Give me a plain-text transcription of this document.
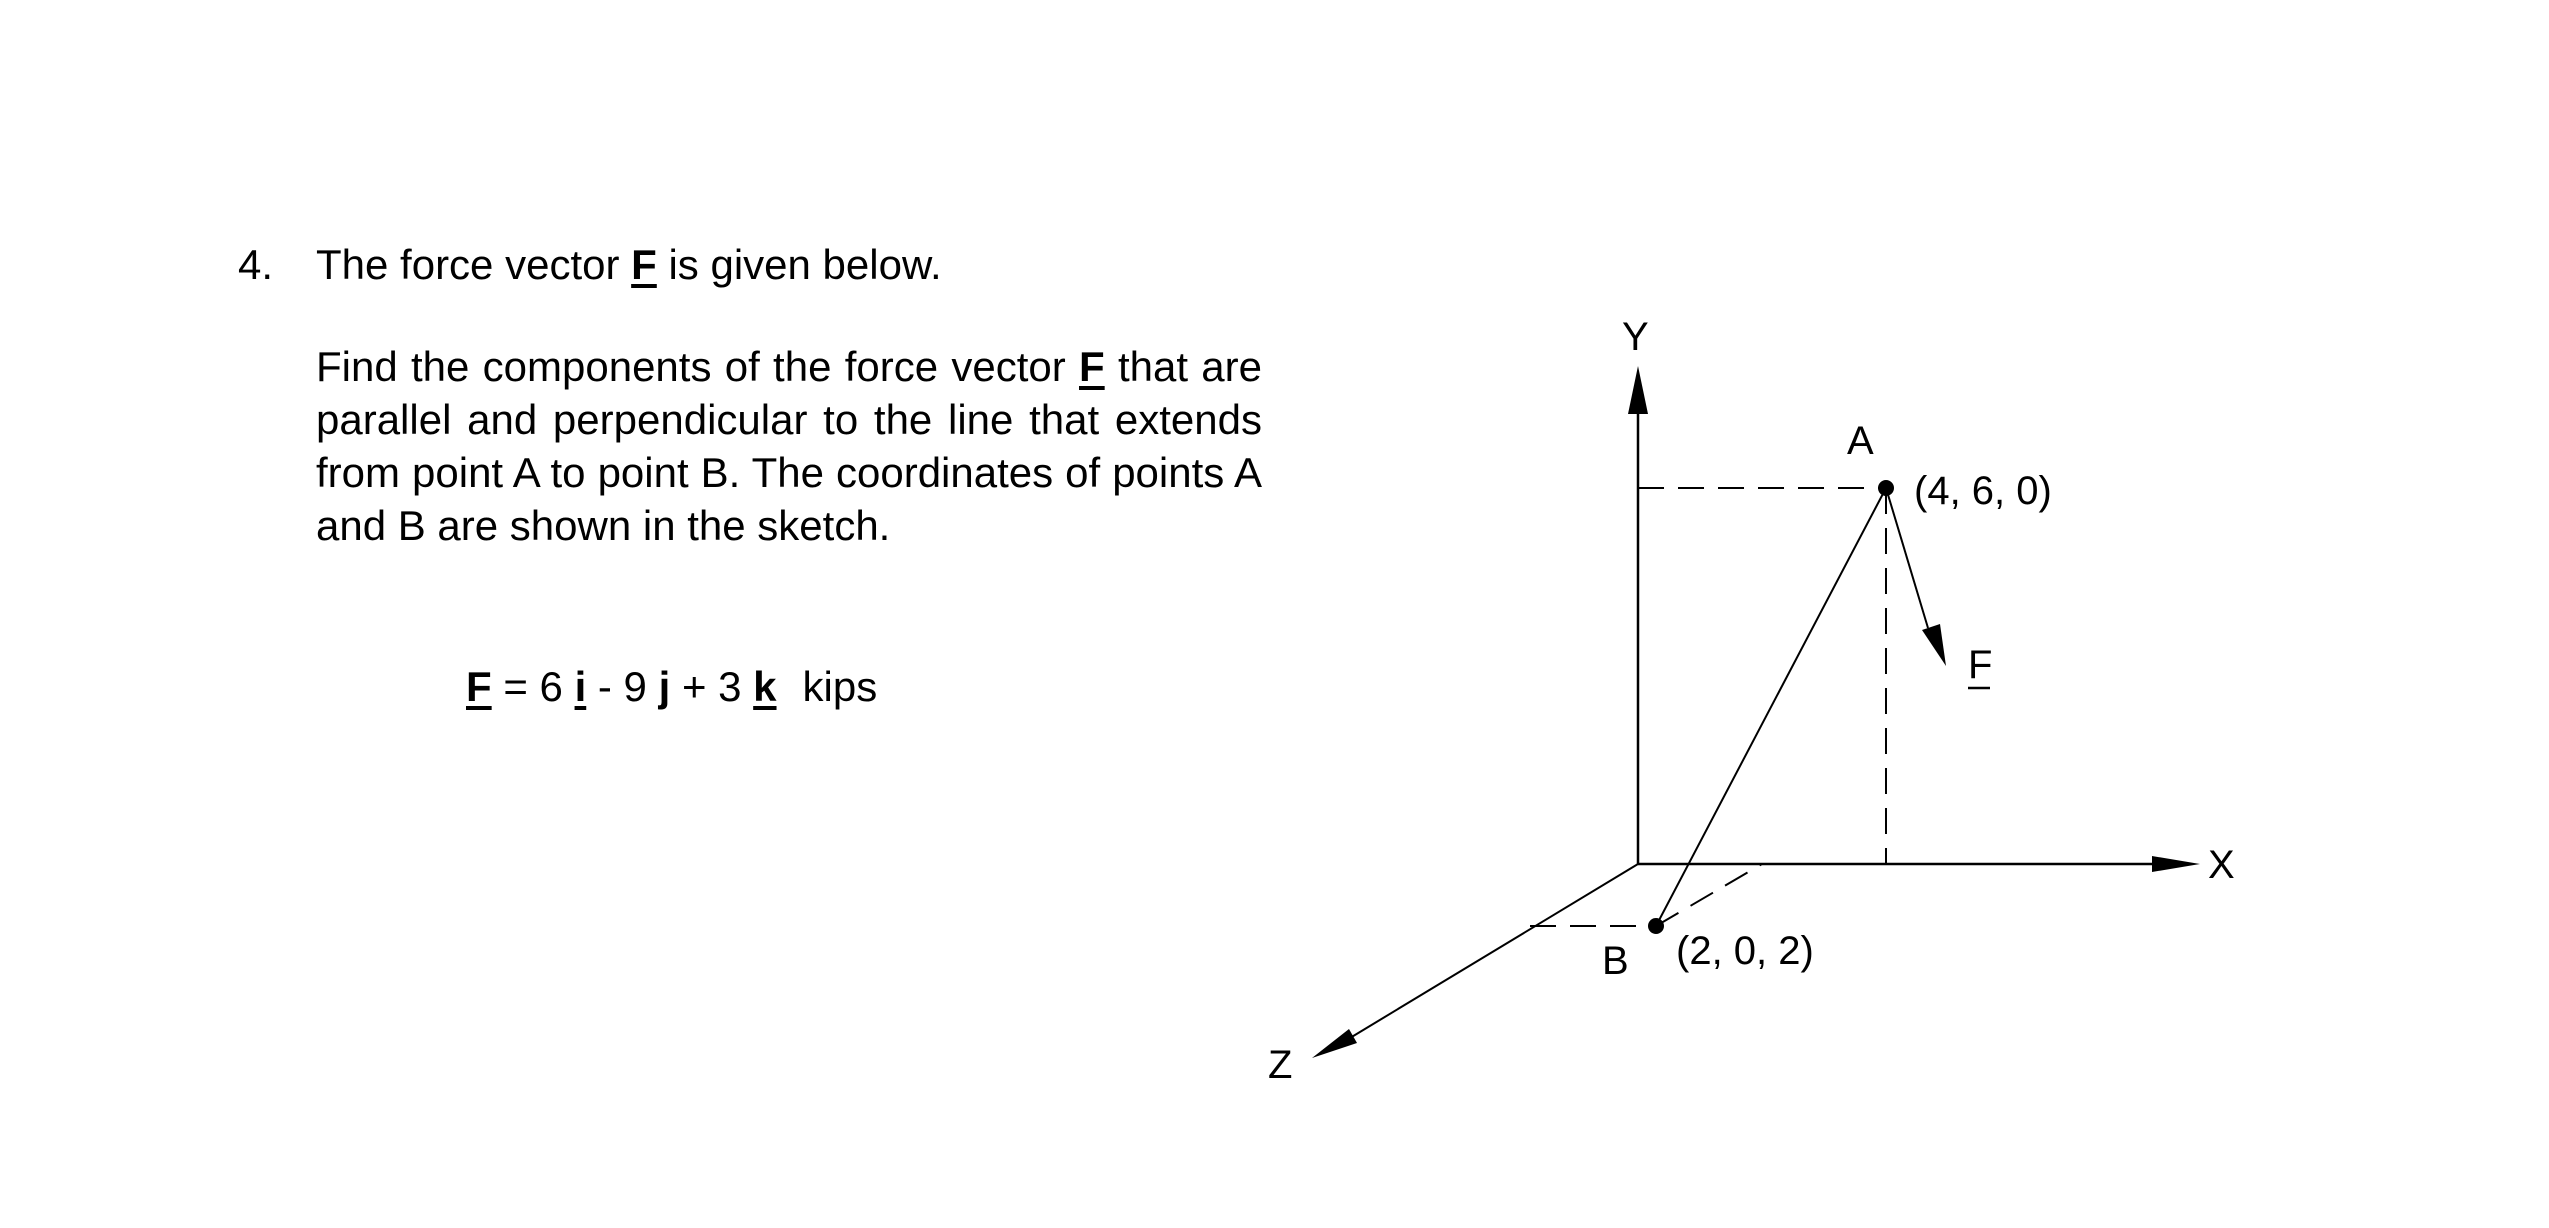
4. The force vector F is given below.
Find the components of the force vector F that are parallel and perpendicular to the line that extends from point A to point B. The coordinates of points A and B are shown in the sketch.
F = 6 i - 9 j + 3 k kips
Y
X
Z
A
(4, 6, 0)
B (2, 0, 2)
F
